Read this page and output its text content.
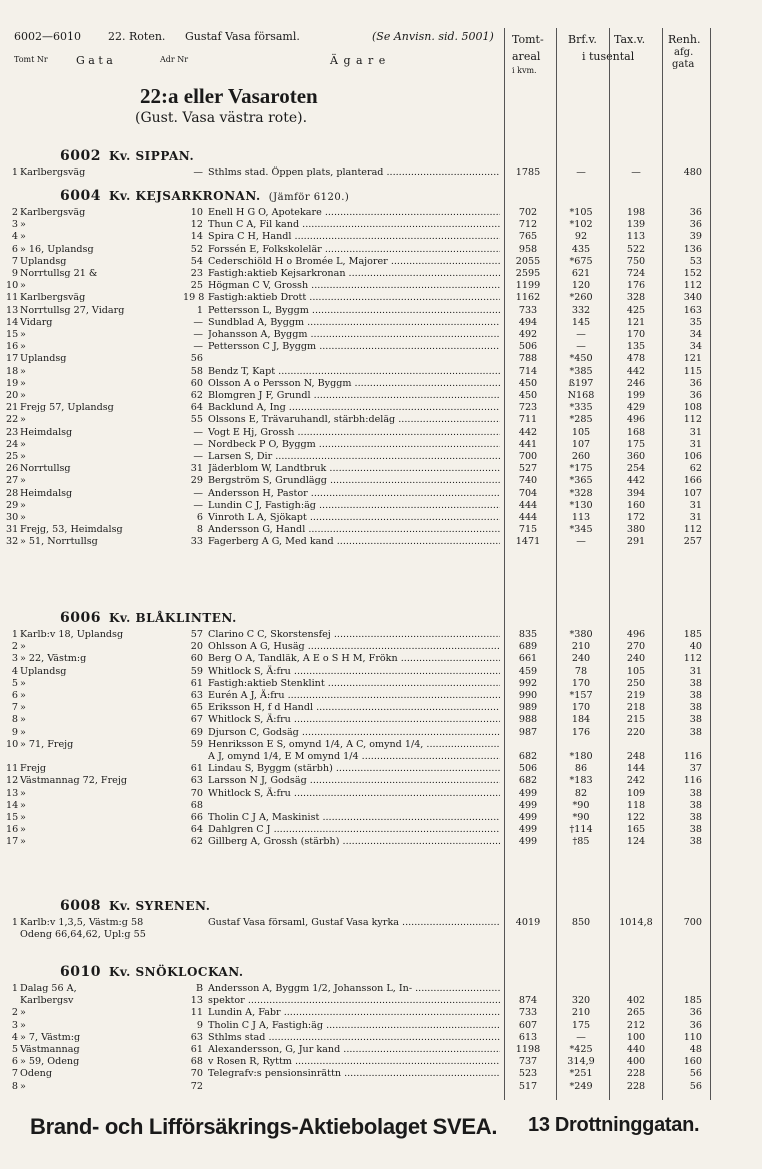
6002—6010 22. Roten. Gustaf Vasa församl.	(Se Anvisn. sid. 5001)
Tomt Nr	G a t a	Adr Nr	Ä g a r e
Tomt-
areal
i kvm.
Brf.v. Tax.v.
i tusental
Renh.
afg.
gata
22:a eller Vasaroten
(Gust. Vasa västra rote).
6002 Kv. SIPPAN.
1 Karlbergsväg	— Sthlms stad. Öppen plats, planterad .....	1785	—	—	480
6004 Kv. KEJSARKRONAN. (Jämför 6120.)
2 Karlbergsväg	10 Enell H G O, Apotekare .....	702	*105	198	36
3 »	12 Thun C A, Fil kand .....	712	*102	139	36
4 »	14 Spira C H, Handl .....	765	92	113	39
6 » 16, Uplandsg	52 Forssén E, Folkskolelär .....	958	435	522	136
7 Uplandsg	54 Cederschiöld H o Bromée L, Majorer .....	2055	*675	750	53
9 Norrtullsg 21 &	23 Fastigh:aktieb Kejsarkronan .....	2595	621	724	152
10 »	25 Högman C V, Grossh .....	1199	120	176	112
11 Karlbergsväg	19 8 Fastigh:aktieb Drott .....	1162	*260	328	340
13 Norrtullsg 27, Vidarg	1 Pettersson L, Byggm .....	733	332	425	163
14 Vidarg	— Sundblad A, Byggm .....	494	145	121	35
15 »	— Johansson A, Byggm .....	492	—	170	34
16 »	— Pettersson C J, Byggm .....	506	—	135	34
17 Uplandsg	56	788	*450	478	121
18 »	58 Bendz T, Kapt .....	714	*385	442	115
19 »	60 Olsson A o Persson N, Byggm .....	450	ß197	246	36
20 »	62 Blomgren J F, Grundl .....	450	N168	199	36
21 Frejg 57, Uplandsg	64 Backlund A, Ing .....	723	*335	429	108
22 »	55 Olssons E, Trävaruhandl, stärbh:deläg .....	711	*285	496	112
23 Heimdalsg	— Vogt E Hj, Grossh .....	442	105	168	31
24 »	— Nordbeck P O, Byggm .....	441	107	175	31
25 »	— Larsen S, Dir .....	700	260	360	106
26 Norrtullsg	31 Jäderblom W, Landtbruk .....	527	*175	254	62
27 »	29 Bergström S, Grundlägg .....	740	*365	442	166
28 Heimdalsg	— Andersson H, Pastor .....	704	*328	394	107
29 »	— Lundin C J, Fastigh:äg .....	444	*130	160	31
30 »	6 Vinroth L A, Sjökapt .....	444	113	172	31
31 Frejg, 53, Heimdalsg	8 Andersson G, Handl .....	715	*345	380	112
32 » 51, Norrtullsg	33 Fagerberg A G, Med kand .....	1471	—	291	257
6006 Kv. BLÅKLINTEN.
1 Karlb:v 18, Uplandsg	57 Clarino C C, Skorstensfej .....	835	*380	496	185
2 »	20 Ohlsson A G, Husäg .....	689	210	270	40
3 » 22, Västm:g	60 Berg O A, Tandläk, A E o S H M, Frökn .....	661	240	240	112
4 Uplandsg	59 Whitlock S, Ä:fru .....	459	78	105	31
5 »	61 Fastigh:aktieb Stenklint .....	992	170	250	38
6 »	63 Eurén A J, Ä:fru .....	990	*157	219	38
7 »	65 Eriksson H, f d Handl .....	989	170	218	38
8 »	67 Whitlock S, Ä:fru .....	988	184	215	38
9 »	69 Djurson C, Godsäg .....	987	176	220	38
10 » 71, Frejg	59 Henriksson E S, omynd 1/4, A C, omynd 1/4, .....
A J, omynd 1/4, E M omynd 1/4 .....	682	*180	248	116
11 Frejg	61 Lindau S, Byggm (stärbh) .....	506	86	144	37
12 Västmannag 72, Frejg	63 Larsson N J, Godsäg .....	682	*183	242	116
13 »	70 Whitlock S, Ä:fru .....	499	82	109	38
14 »	68	499	*90	118	38
15 »	66 Tholin C J A, Maskinist .....	499	*90	122	38
16 »	64 Dahlgren C J .....	499	†114	165	38
17 »	62 Gillberg A, Grossh (stärbh) .....	499	†85	124	38
6008 Kv. SYRENEN.
1 Karlb:v 1,3,5, Västm:g 58	Gustaf Vasa församl, Gustaf Vasa kyrka .....	4019	850	1014,8	700
Odeng 66,64,62, Upl:g 55
6010 Kv. SNÖKLOCKAN.
1 Dalag 56 A,	B Andersson A, Byggm 1/2, Johansson L, In- .....
Karlbergsv	13 spektor .....	874	320	402	185
2 »	11 Lundin A, Fabr .....	733	210	265	36
3 »	9 Tholin C J A, Fastigh:äg .....	607	175	212	36
4 » 7, Västm:g	63 Sthlms stad .....	613	—	100	110
5 Västmannag	61 Alexandersson, G, Jur kand .....	1198	*425	440	48
6 » 59, Odeng	68 v Rosen R, Ryttm .....	737	314,9	400	160
7 Odeng	70 Telegrafv:s pensionsinrättn .....	523	*251	228	56
8 »	72	517	*249	228	56
Brand- och Lifförsäkrings-Aktiebolaget SVEA. 13 Drottninggatan.
